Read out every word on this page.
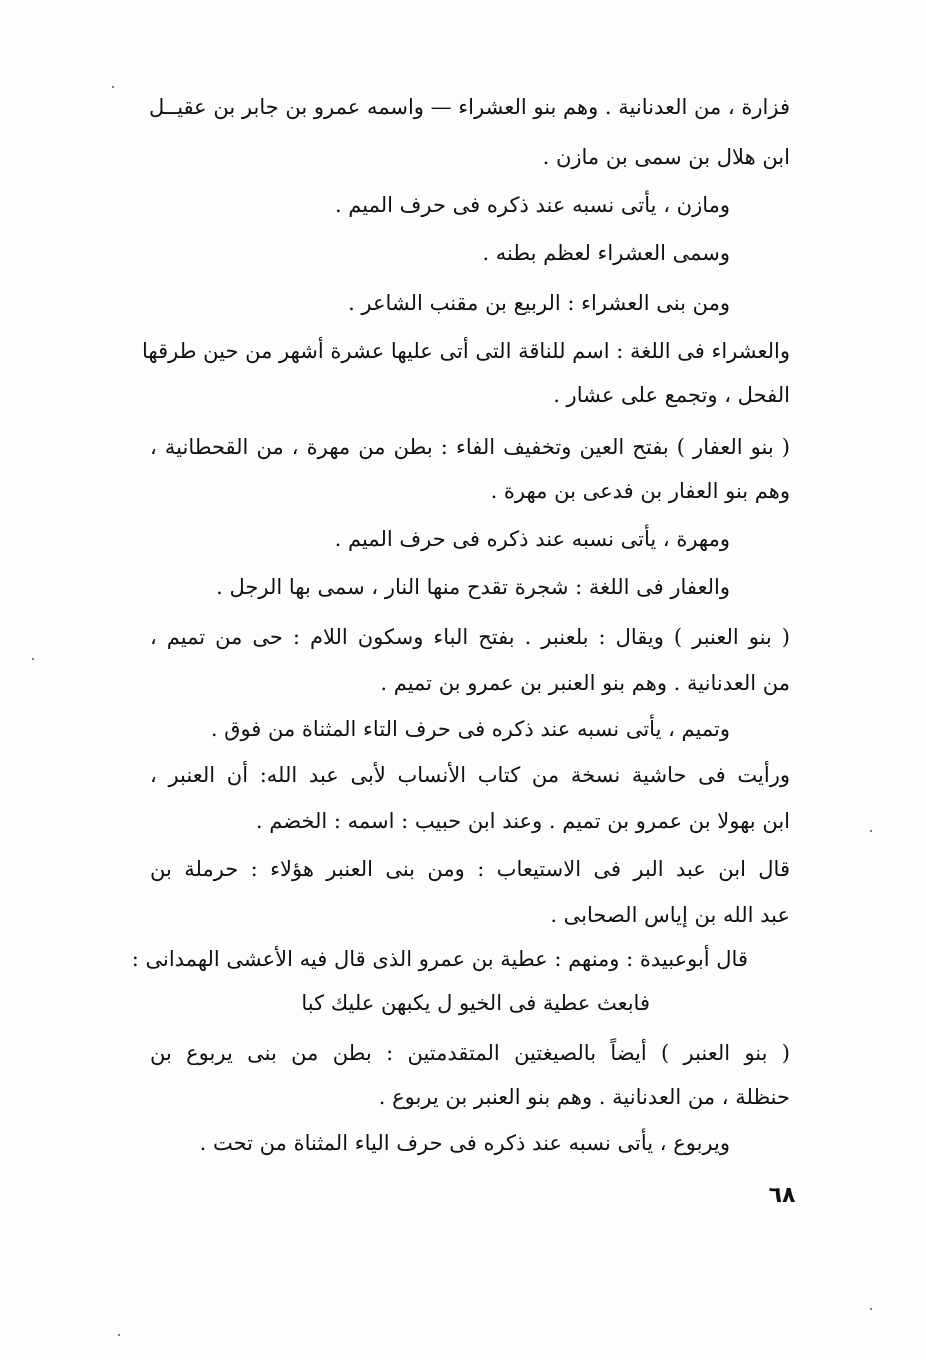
فزارة ، من العدنانية . وهم بنو العشراء — واسمه عمرو بن جابر بن عقيــل
ابن هلال بن سمى بن مازن .
ومازن ، يأتى نسبه عند ذكره فى حرف الميم .
وسمى العشراء لعظم بطنه .
ومن بنى العشراء : الربيع بن مقنب الشاعر .
والعشراء فى اللغة : اسم للناقة التى أتى عليها عشرة أشهر من حين طرقها
الفحل ، وتجمع على عشار .
( بنو العفار ) بفتح العين وتخفيف الفاء : بطن من مهرة ، من القحطانية ،
وهم بنو العفار بن فدعى بن مهرة .
ومهرة ، يأتى نسبه عند ذكره فى حرف الميم .
والعفار فى اللغة : شجرة تقدح منها النار ، سمى بها الرجل .
( بنو العنبر ) ويقال : بلعنبر . بفتح الباء وسكون اللام : حى من تميم ،
من العدنانية . وهم بنو العنبر بن عمرو بن تميم .
وتميم ، يأتى نسبه عند ذكره فى حرف التاء المثناة من فوق .
ورأيت فى حاشية نسخة من كتاب الأنساب لأبى عبد الله: أن العنبر ،
ابن بهولا بن عمرو بن تميم . وعند ابن حبيب : اسمه : الخضم .
قال ابن عبد البر فى الاستيعاب : ومن بنى العنبر هؤلاء : حرملة بن
عبد الله بن إياس الصحابى .
قال أبوعبيدة : ومنهم : عطية بن عمرو الذى قال فيه الأعشى الهمدانى :
فابعث عطية فى الخيو ل يكبهن عليك كبا
( بنو العنبر ) أيضاً بالصيغتين المتقدمتين : بطن من بنى يربوع بن
حنظلة ، من العدنانية . وهم بنو العنبر بن يربوع .
ويربوع ، يأتى نسبه عند ذكره فى حرف الياء المثناة من تحت .
٦٨
